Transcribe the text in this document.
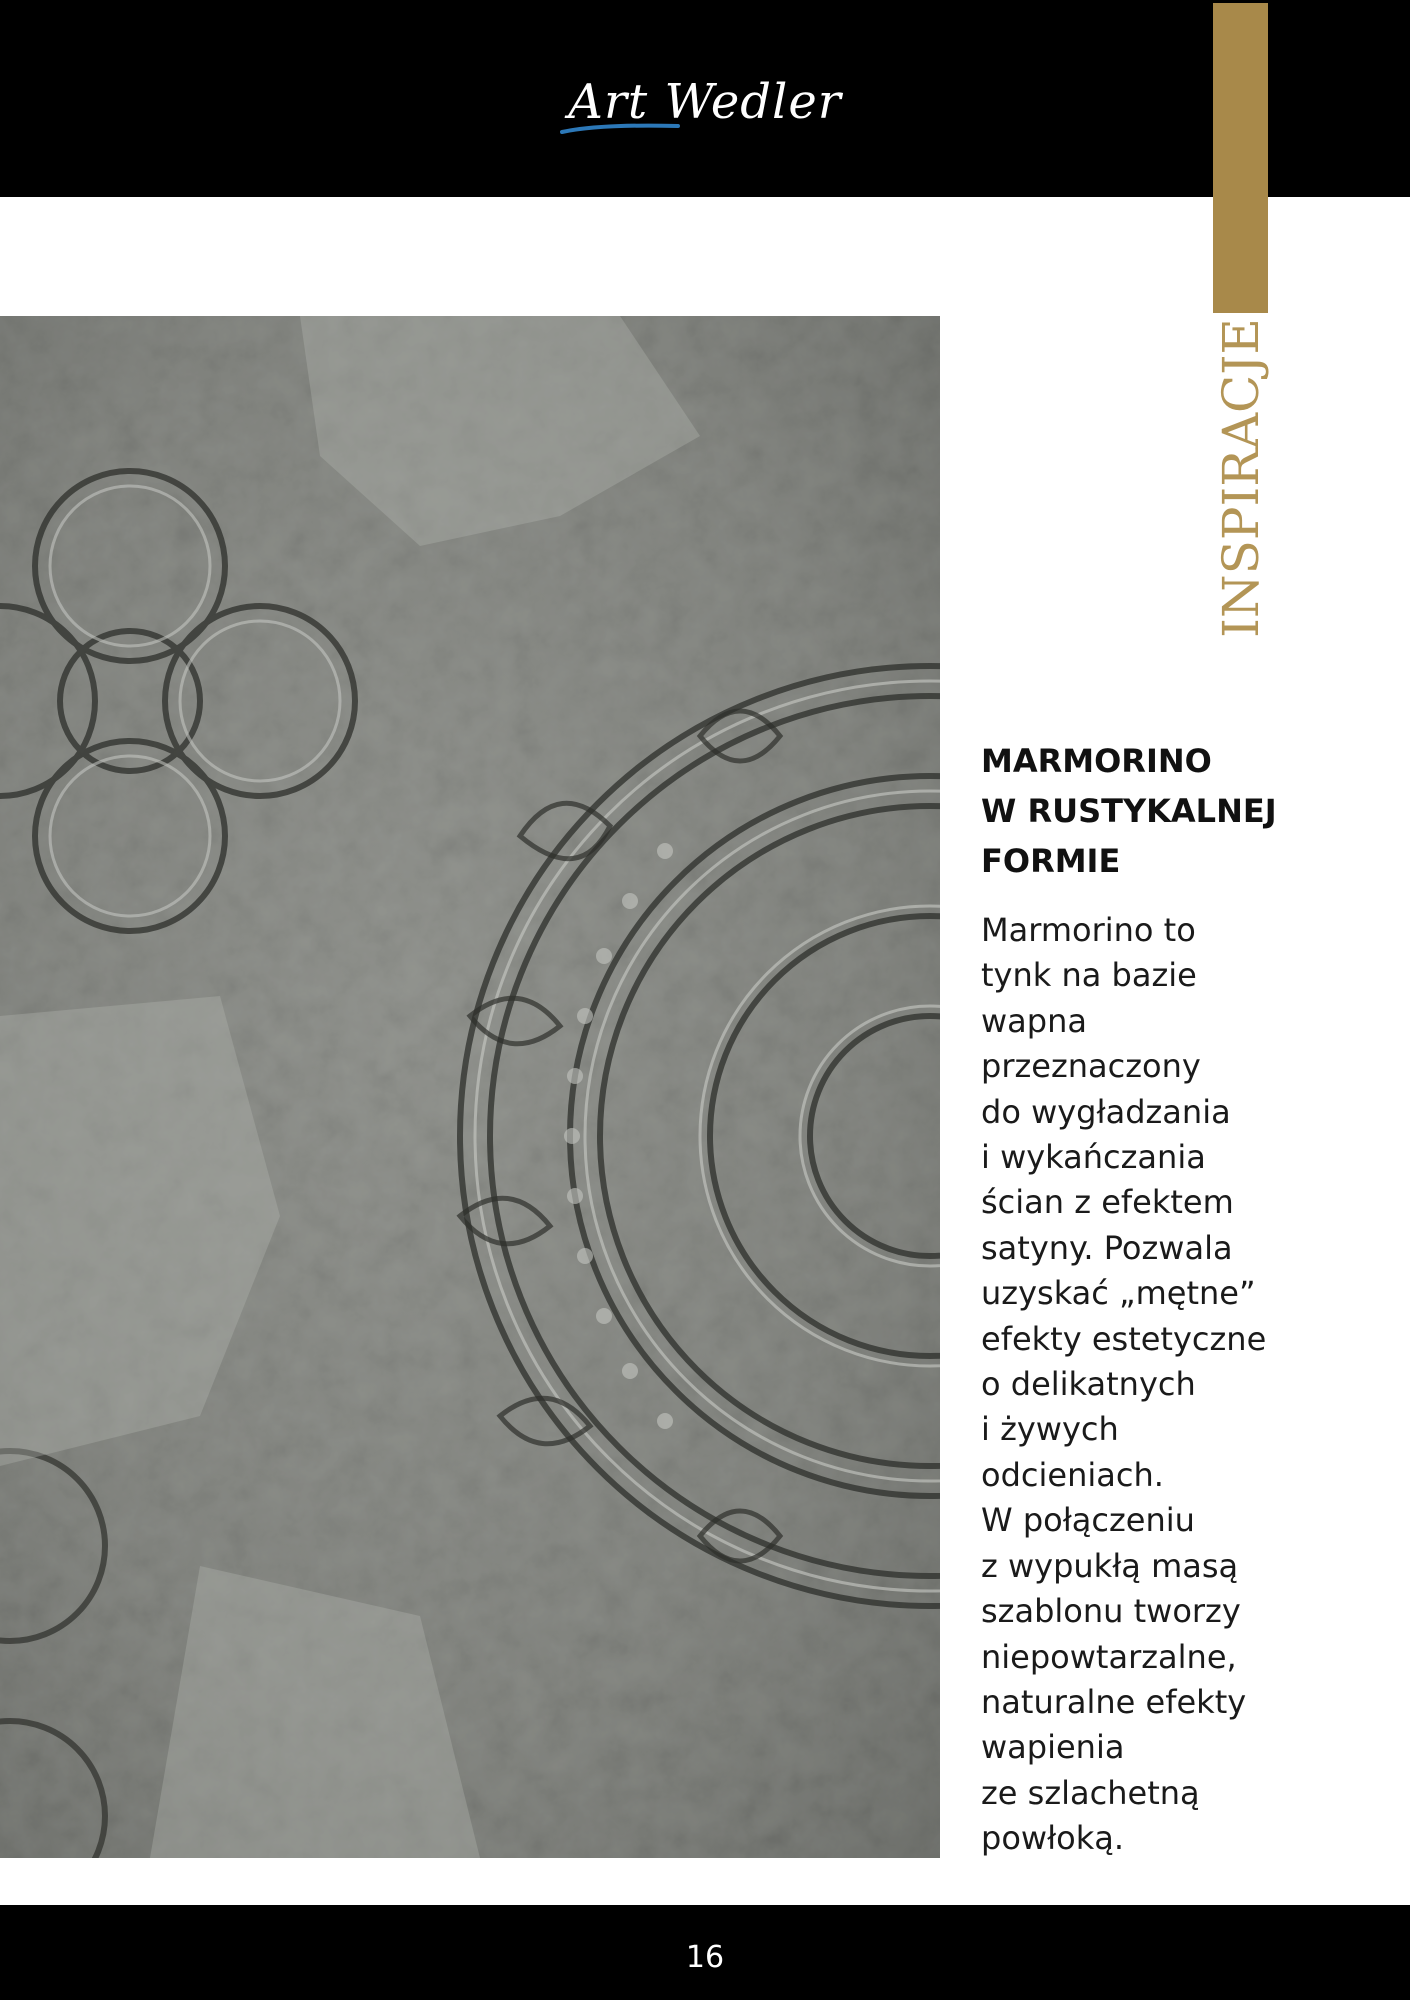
Art Wedler
INSPIRACJE
MARMORINO
W RUSTYKALNEJ
FORMIE

Marmorino to
tynk na bazie
wapna
przeznaczony
do wygładzania
i wykańczania
ścian z efektem
satyny. Pozwala
uzyskać „mętne”
efekty estetyczne
o delikatnych
i żywych
odcieniach.
W połączeniu
z wypukłą masą
szablonu tworzy
niepowtarzalne,
naturalne efekty
wapienia
ze szlachetną
powłoką.

16
